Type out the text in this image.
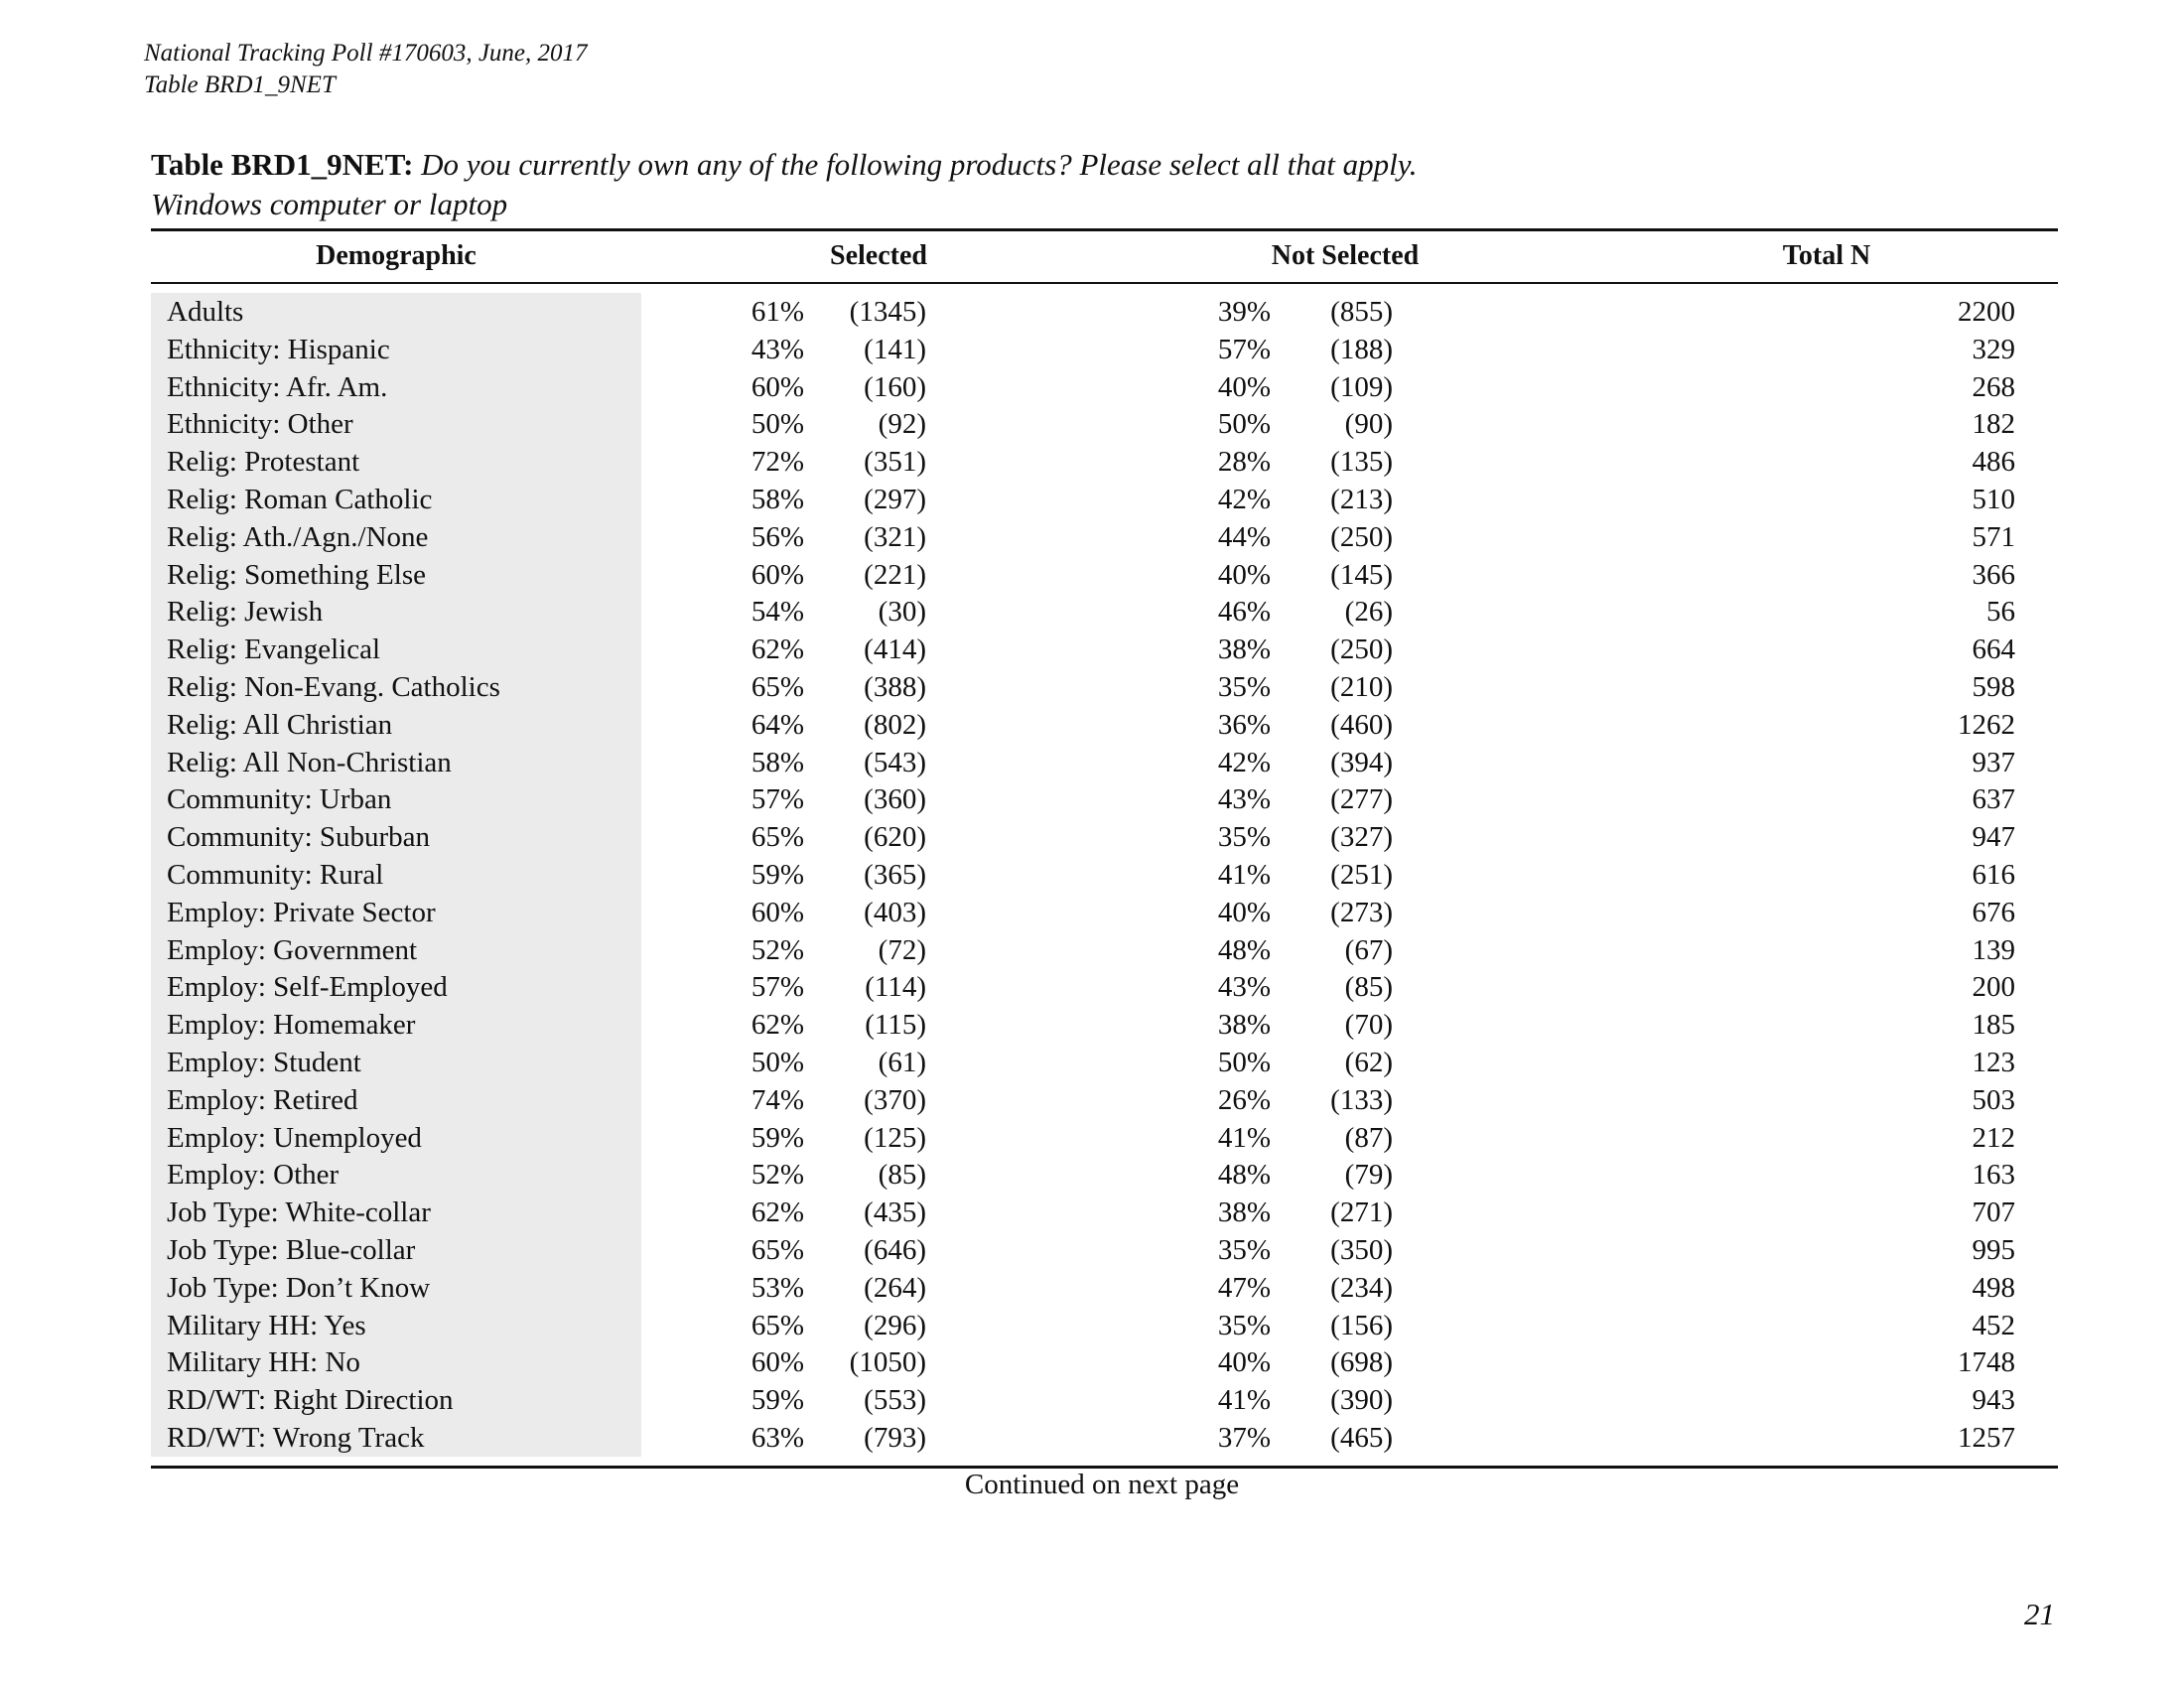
National Tracking Poll #170603, June, 2017
Table BRD1_9NET
Table BRD1_9NET: Do you currently own any of the following products? Please select all that apply.
Windows computer or laptop
Demographic	Selected	Not Selected	Total N
Adults	61% (1345)	39% (855)	2200
Ethnicity: Hispanic	43% (141)	57% (188)	329
Ethnicity: Afr. Am.	60% (160)	40% (109)	268
Ethnicity: Other	50%	(92)	50%	(90)	182
Relig: Protestant	72% (351)	28% (135)	486
Relig: Roman Catholic	58% (297)	42% (213)	510
Relig: Ath./Agn./None	56% (321)	44% (250)	571
Relig: Something Else	60% (221)	40% (145)	366
Relig: Jewish	54%	(30)	46%	(26)	56
Relig: Evangelical	62% (414)	38% (250)	664
Relig: Non-Evang. Catholics	65% (388)	35% (210)	598
Relig: All Christian	64% (802)	36% (460)	1262
Relig: All Non-Christian	58% (543)	42% (394)	937
Community: Urban	57% (360)	43% (277)	637
Community: Suburban	65% (620)	35% (327)	947
Community: Rural	59% (365)	41% (251)	616
Employ: Private Sector	60% (403)	40% (273)	676
Employ: Government	52%	(72)	48%	(67)	139
Employ: Self-Employed	57% (114)	43%	(85)	200
Employ: Homemaker	62% (115)	38%	(70)	185
Employ: Student	50%	(61)	50%	(62)	123
Employ: Retired	74% (370)	26% (133)	503
Employ: Unemployed	59% (125)	41%	(87)	212
Employ: Other	52%	(85)	48%	(79)	163
Job Type: White-collar	62% (435)	38% (271)	707
Job Type: Blue-collar	65% (646)	35% (350)	995
Job Type: Don’t Know	53% (264)	47% (234)	498
Military HH: Yes	65% (296)	35% (156)	452
Military HH: No	60% (1050)	40% (698)	1748
RD/WT: Right Direction	59% (553)	41% (390)	943
RD/WT: Wrong Track	63% (793)	37% (465)	1257
Continued on next page
21
